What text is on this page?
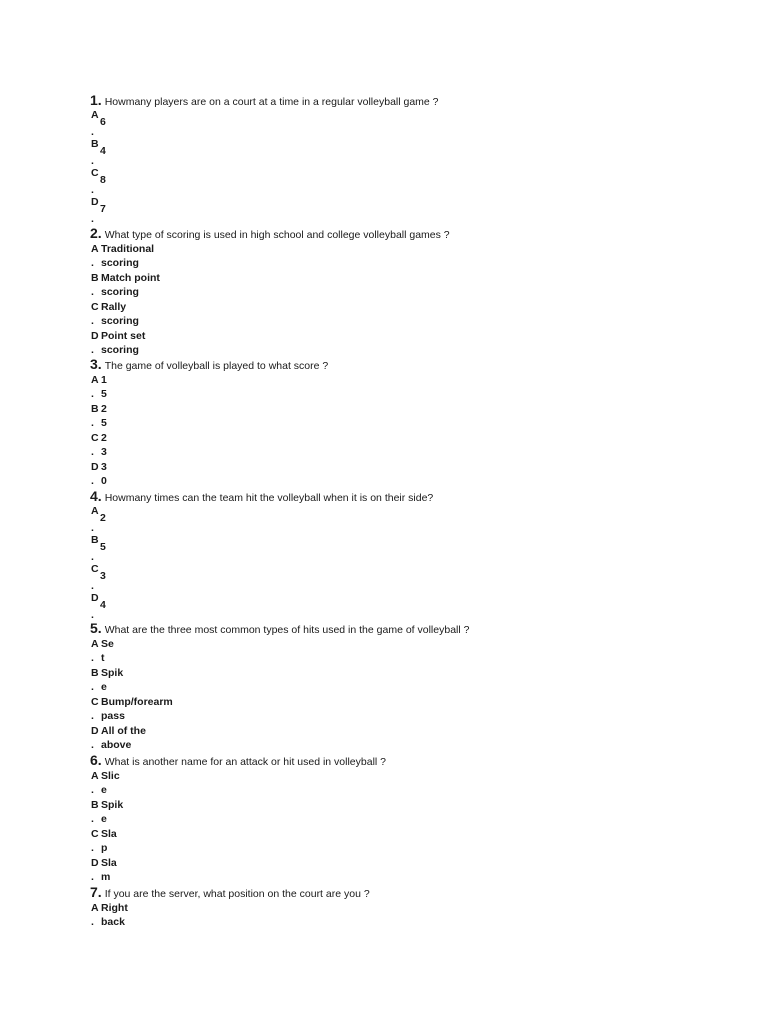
1. Howmany players are on a court at a time in a regular volleyball game ?
A
6
.
B
4
.
C
8
.
D
7
.
2. What type of scoring is used in high school and college volleyball games ?
A Traditional
. scoring
B Match point
. scoring
C Rally
. scoring
D Point set
. scoring
3. The game of volleyball is played to what score ?
A 1
. 5
B 2
. 5
C 2
. 3
D 3
. 0
4. Howmany times can the team hit the volleyball when it is on their side?
A
2
.
B
5
.
C
3
.
D
4
.
5. What are the three most common types of hits used in the game of volleyball ?
A Se
. t
B Spik
. e
C Bump/forearm
. pass
D All of the
. above
6. What is another name for an attack or hit used in volleyball ?
A Slic
. e
B Spik
. e
C Sla
. p
D Sla
. m
7. If you are the server, what position on the court are you ?
A Right
. back
